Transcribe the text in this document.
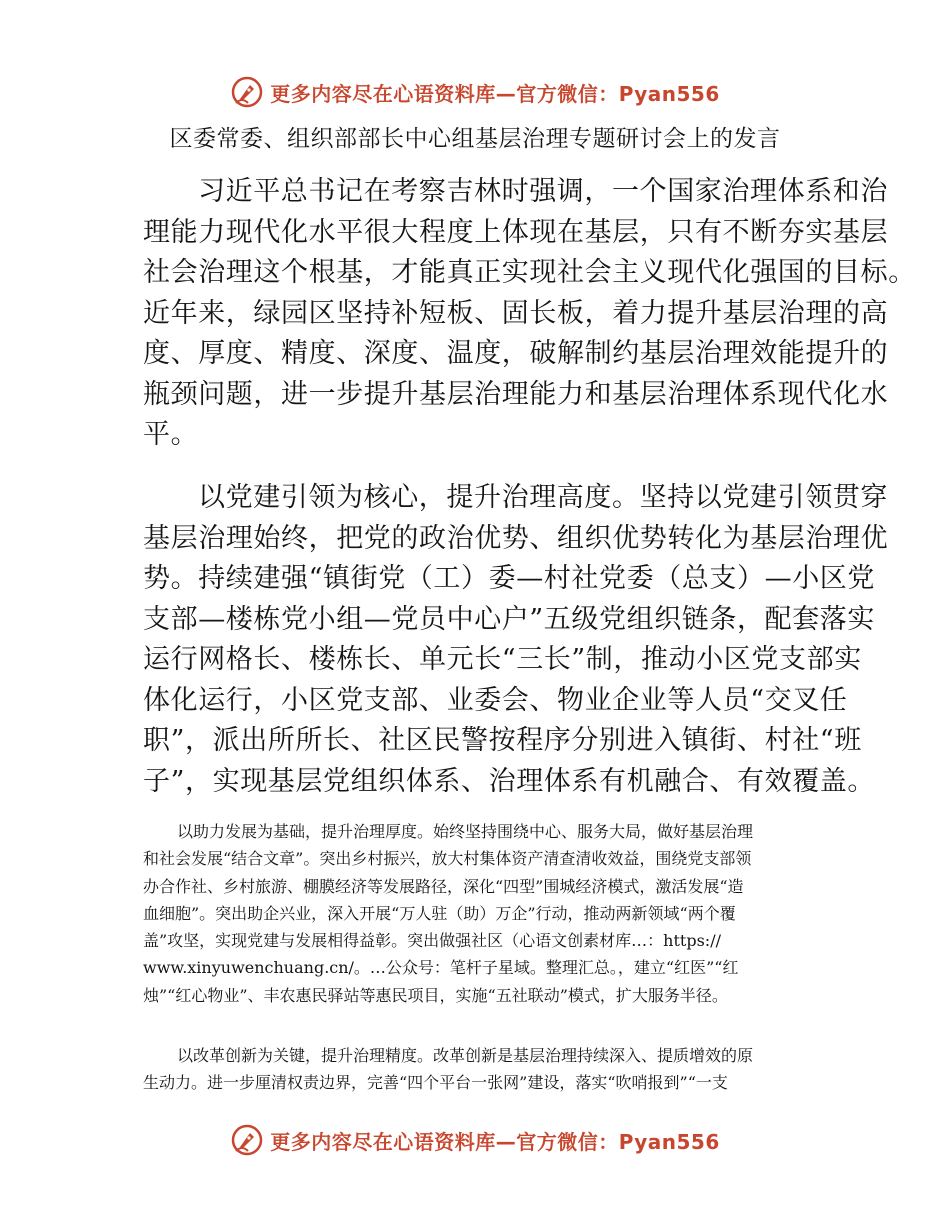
更多内容尽在心语资料库—官方微信：Pyan556
区委常委、组织部部长中心组基层治理专题研讨会上的发言
习近平总书记在考察吉林时强调，一个国家治理体系和治
理能力现代化水平很大程度上体现在基层，只有不断夯实基层
社会治理这个根基，才能真正实现社会主义现代化强国的目标。
近年来，绿园区坚持补短板、固长板，着力提升基层治理的高
度、厚度、精度、深度、温度，破解制约基层治理效能提升的
瓶颈问题，进一步提升基层治理能力和基层治理体系现代化水
平。
以党建引领为核心，提升治理高度。坚持以党建引领贯穿
基层治理始终，把党的政治优势、组织优势转化为基层治理优
势。持续建强“镇街党（工）委—村社党委（总支）—小区党
支部—楼栋党小组—党员中心户”五级党组织链条，配套落实
运行网格长、楼栋长、单元长“三长”制，推动小区党支部实
体化运行，小区党支部、业委会、物业企业等人员“交叉任
职”，派出所所长、社区民警按程序分别进入镇街、村社“班
子”，实现基层党组织体系、治理体系有机融合、有效覆盖。
以助力发展为基础，提升治理厚度。始终坚持围绕中心、服务大局，做好基层治理
和社会发展“结合文章”。突出乡村振兴，放大村集体资产清查清收效益，围绕党支部领
办合作社、乡村旅游、棚膜经济等发展路径，深化“四型”围城经济模式，激活发展“造
血细胞”。突出助企兴业，深入开展“万人驻（助）万企”行动，推动两新领域“两个覆
盖”攻坚，实现党建与发展相得益彰。突出做强社区（心语文创素材库…：https://
www.xinyuwenchuang.cn/。…公众号：笔杆子星域。整理汇总。，建立“红医”“红
烛”“红心物业”、丰农惠民驿站等惠民项目，实施“五社联动”模式，扩大服务半径。
以改革创新为关键，提升治理精度。改革创新是基层治理持续深入、提质增效的原
生动力。进一步厘清权责边界，完善“四个平台一张网”建设，落实“吹哨报到”“一支
更多内容尽在心语资料库—官方微信：Pyan556
